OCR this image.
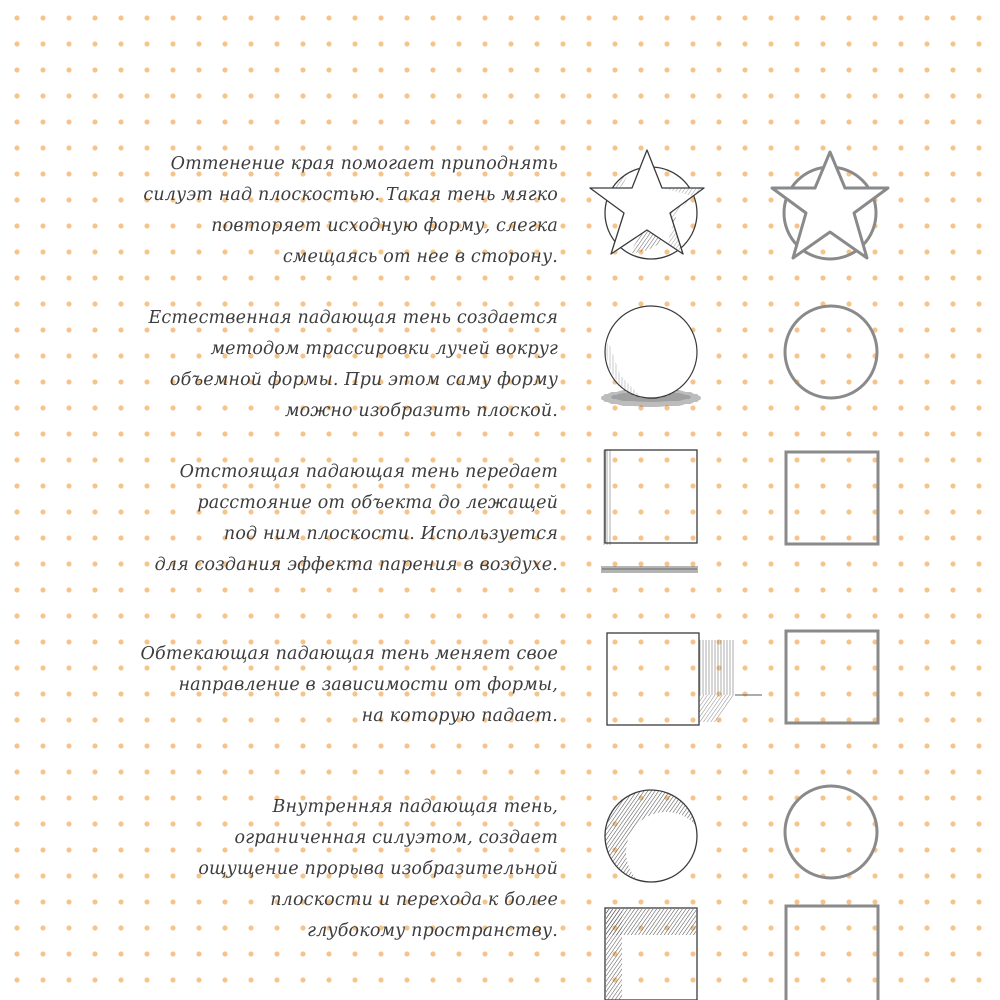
Оттенение края помогает приподнять
силуэт над плоскостью. Такая тень мягко
повторяет исходную форму, слегка
смещаясь от нее в сторону.

Естественная падающая тень создается
методом трассировки лучей вокруг
объемной формы. При этом саму форму
можно изобразить плоской.

Отстоящая падающая тень передает
расстояние от объекта до лежащей
под ним плоскости. Используется
для создания эффекта парения в воздухе.

Обтекающая падающая тень меняет свое
направление в зависимости от формы,
на которую падает.

Внутренняя падающая тень,
ограниченная силуэтом, создает
ощущение прорыва изобразительной
плоскости и перехода к более
глубокому пространству.
